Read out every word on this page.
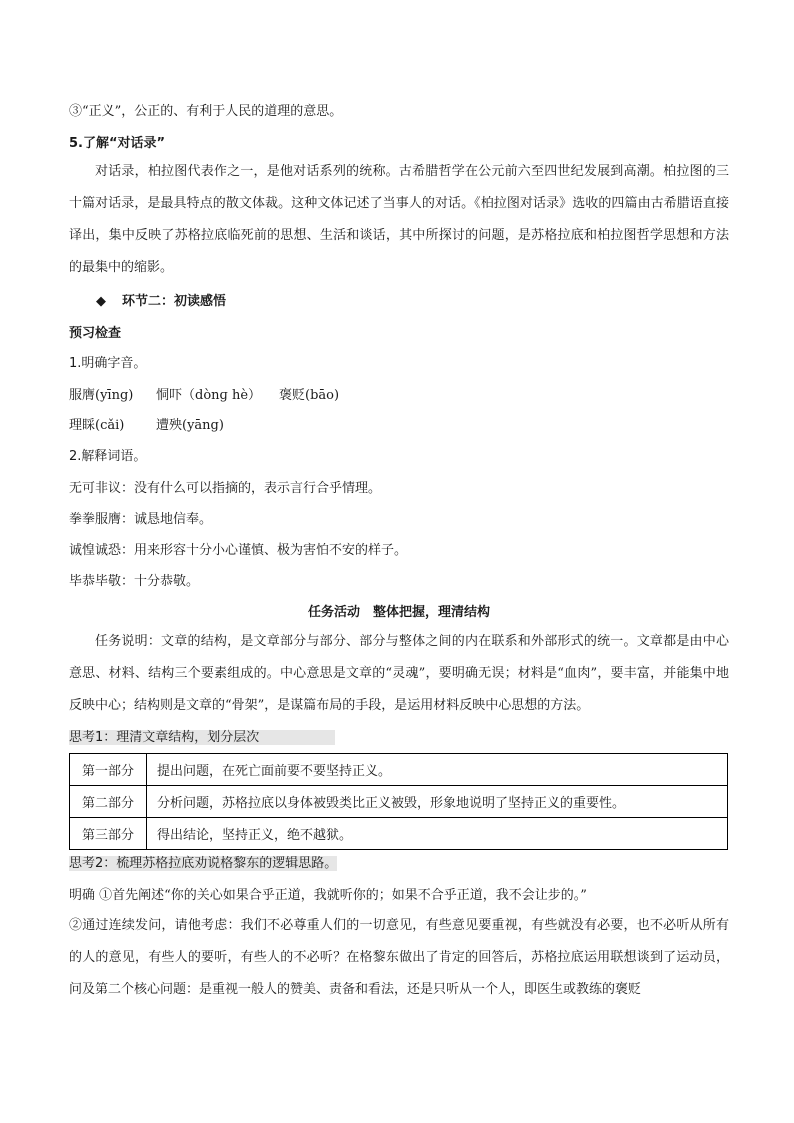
③“正义”，公正的、有利于人民的道理的意思。
5.了解“对话录”
对话录，柏拉图代表作之一，是他对话系列的统称。古希腊哲学在公元前六至四世纪发展到高潮。柏拉图的三十篇对话录，是最具特点的散文体裁。这种文体记述了当事人的对话。《柏拉图对话录》选收的四篇由古希腊语直接译出，集中反映了苏格拉底临死前的思想、生活和谈话，其中所探讨的问题，是苏格拉底和柏拉图哲学思想和方法的最集中的缩影。
◆ 环节二：初读感悟
预习检查
1.明确字音。
服膺(yīng) 恫吓（dònɡ hè） 褒贬(bāo)
理睬(cǎi) 遭殃(yāng)
2.解释词语。
无可非议：没有什么可以指摘的，表示言行合乎情理。
拳拳服膺：诚恳地信奉。
诚惶诚恐：用来形容十分小心谨慎、极为害怕不安的样子。
毕恭毕敬：十分恭敬。
任务活动　整体把握，理清结构
任务说明：文章的结构，是文章部分与部分、部分与整体之间的内在联系和外部形式的统一。文章都是由中心意思、材料、结构三个要素组成的。中心意思是文章的“灵魂”，要明确无误；材料是“血肉”，要丰富，并能集中地反映中心；结构则是文章的“骨架”，是谋篇布局的手段，是运用材料反映中心思想的方法。
思考1：理清文章结构，划分层次
第一部分	提出问题，在死亡面前要不要坚持正义。
第二部分	分析问题，苏格拉底以身体被毁类比正义被毁，形象地说明了坚持正义的重要性。
第三部分	得出结论，坚持正义，绝不越狱。
思考2：梳理苏格拉底劝说格黎东的逻辑思路。
明确 ①首先阐述“你的关心如果合乎正道，我就听你的；如果不合乎正道，我不会让步的。”
②通过连续发问，请他考虑：我们不必尊重人们的一切意见，有些意见要重视，有些就没有必要，也不必听从所有的人的意见，有些人的要听，有些人的不必听？在格黎东做出了肯定的回答后，苏格拉底运用联想谈到了运动员，问及第二个核心问题：是重视一般人的赞美、责备和看法，还是只听从一个人，即医生或教练的褒贬
